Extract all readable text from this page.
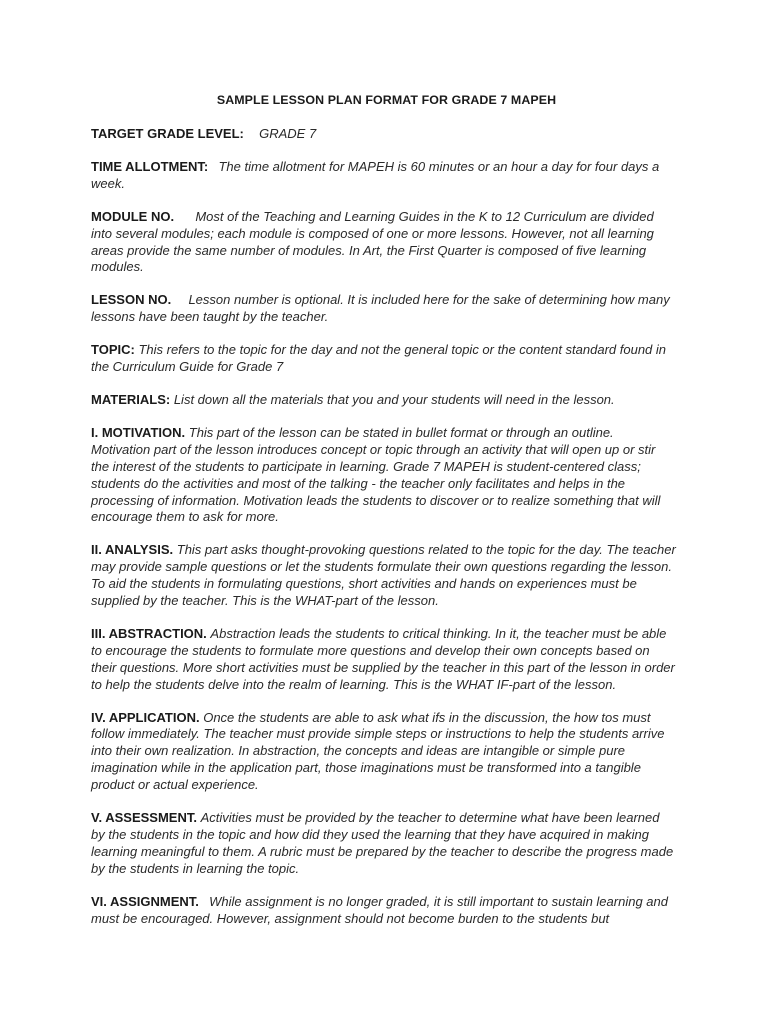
SAMPLE LESSON PLAN FORMAT FOR GRADE 7 MAPEH

TARGET GRADE LEVEL: GRADE 7

TIME ALLOTMENT: The time allotment for MAPEH is 60 minutes or an hour a day for four days a week.

MODULE NO. Most of the Teaching and Learning Guides in the K to 12 Curriculum are divided into several modules; each module is composed of one or more lessons. However, not all learning areas provide the same number of modules. In Art, the First Quarter is composed of five learning modules.

LESSON NO. Lesson number is optional. It is included here for the sake of determining how many lessons have been taught by the teacher.

TOPIC: This refers to the topic for the day and not the general topic or the content standard found in the Curriculum Guide for Grade 7

MATERIALS: List down all the materials that you and your students will need in the lesson.

I. MOTIVATION. This part of the lesson can be stated in bullet format or through an outline. Motivation part of the lesson introduces concept or topic through an activity that will open up or stir the interest of the students to participate in learning. Grade 7 MAPEH is student-centered class; students do the activities and most of the talking - the teacher only facilitates and helps in the processing of information. Motivation leads the students to discover or to realize something that will encourage them to ask for more.

II. ANALYSIS. This part asks thought-provoking questions related to the topic for the day. The teacher may provide sample questions or let the students formulate their own questions regarding the lesson. To aid the students in formulating questions, short activities and hands on experiences must be supplied by the teacher. This is the WHAT-part of the lesson.

III. ABSTRACTION. Abstraction leads the students to critical thinking. In it, the teacher must be able to encourage the students to formulate more questions and develop their own concepts based on their questions. More short activities must be supplied by the teacher in this part of the lesson in order to help the students delve into the realm of learning. This is the WHAT IF-part of the lesson.

IV. APPLICATION. Once the students are able to ask what ifs in the discussion, the how tos must follow immediately. The teacher must provide simple steps or instructions to help the students arrive into their own realization. In abstraction, the concepts and ideas are intangible or simple pure imagination while in the application part, those imaginations must be transformed into a tangible product or actual experience.

V. ASSESSMENT. Activities must be provided by the teacher to determine what have been learned by the students in the topic and how did they used the learning that they have acquired in making learning meaningful to them. A rubric must be prepared by the teacher to describe the progress made by the students in learning the topic.

VI. ASSIGNMENT. While assignment is no longer graded, it is still important to sustain learning and must be encouraged. However, assignment should not become burden to the students but
